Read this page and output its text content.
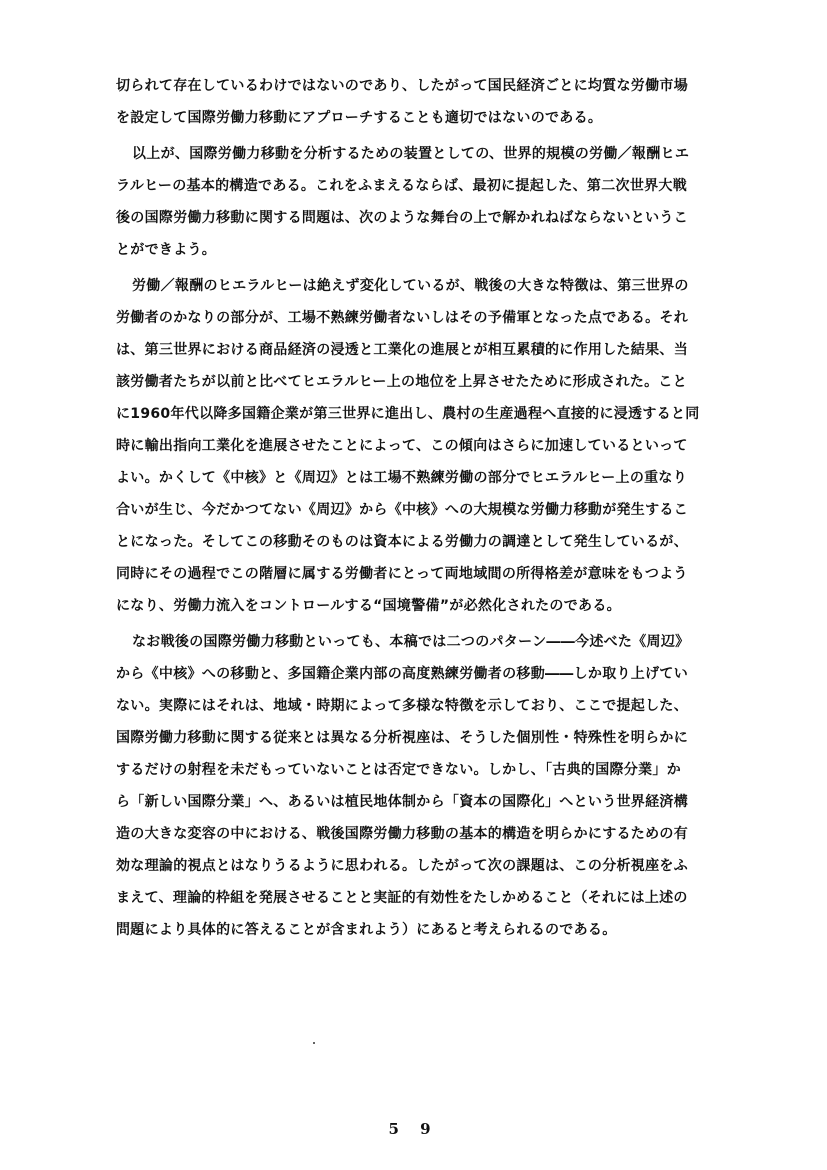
切られて存在しているわけではないのであり、したがって国民経済ごとに均質な労働市場
を設定して国際労働力移動にアプローチすることも適切ではないのである。
以上が、国際労働力移動を分析するための装置としての、世界的規模の労働／報酬ヒエ
ラルヒーの基本的構造である。これをふまえるならば、最初に提起した、第二次世界大戦
後の国際労働力移動に関する問題は、次のような舞台の上で解かれねばならないというこ
とができよう。
労働／報酬のヒエラルヒーは絶えず変化しているが、戦後の大きな特徴は、第三世界の
労働者のかなりの部分が、工場不熟練労働者ないしはその予備軍となった点である。それ
は、第三世界における商品経済の浸透と工業化の進展とが相互累積的に作用した結果、当
該労働者たちが以前と比べてヒエラルヒー上の地位を上昇させたために形成された。こと
に1960年代以降多国籍企業が第三世界に進出し、農村の生産過程へ直接的に浸透すると同
時に輸出指向工業化を進展させたことによって、この傾向はさらに加速しているといって
よい。かくして《中核》と《周辺》とは工場不熟練労働の部分でヒエラルヒー上の重なり
合いが生じ、今だかつてない《周辺》から《中核》への大規模な労働力移動が発生するこ
とになった。そしてこの移動そのものは資本による労働力の調達として発生しているが、
同時にその過程でこの階層に属する労働者にとって両地域間の所得格差が意味をもつよう
になり、労働力流入をコントロールする“国境警備”が必然化されたのである。
なお戦後の国際労働力移動といっても、本稿では二つのパターン――今述べた《周辺》
から《中核》への移動と、多国籍企業内部の高度熟練労働者の移動――しか取り上げてい
ない。実際にはそれは、地域・時期によって多様な特徴を示しており、ここで提起した、
国際労働力移動に関する従来とは異なる分析視座は、そうした個別性・特殊性を明らかに
するだけの射程を未だもっていないことは否定できない。しかし、「古典的国際分業」か
ら「新しい国際分業」へ、あるいは植民地体制から「資本の国際化」へという世界経済構
造の大きな変容の中における、戦後国際労働力移動の基本的構造を明らかにするための有
効な理論的視点とはなりうるように思われる。したがって次の課題は、この分析視座をふ
まえて、理論的枠組を発展させることと実証的有効性をたしかめること（それには上述の
問題により具体的に答えることが含まれよう）にあると考えられるのである。
5 9
